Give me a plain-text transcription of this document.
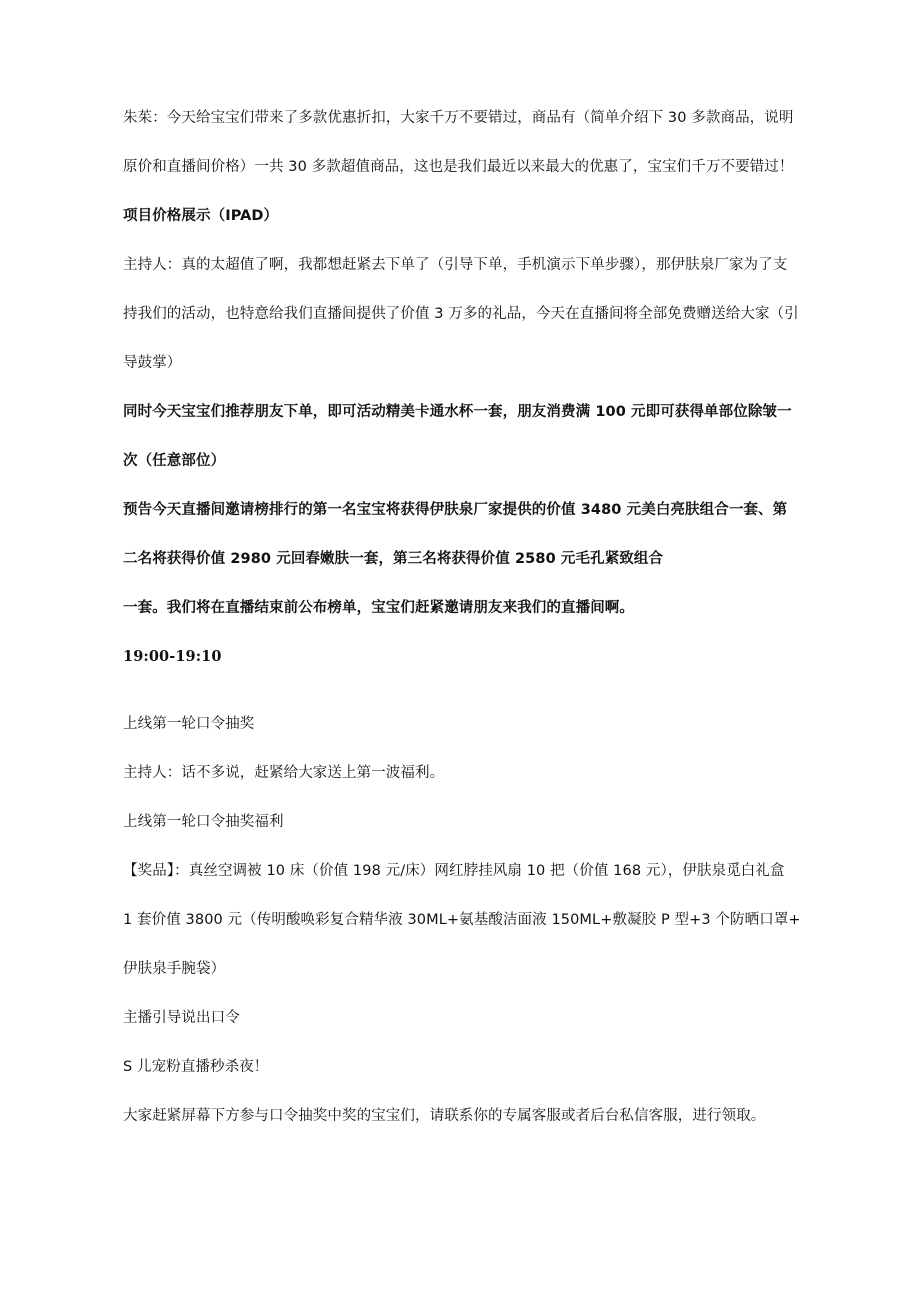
朱茱：今天给宝宝们带来了多款优惠折扣，大家千万不要错过，商品有（简单介绍下 30 多款商品，说明
原价和直播间价格）一共 30 多款超值商品，这也是我们最近以来最大的优惠了，宝宝们千万不要错过！
项目价格展示（IPAD）
主持人：真的太超值了啊，我都想赶紧去下单了（引导下单，手机演示下单步骤），那伊肤泉厂家为了支
持我们的活动，也特意给我们直播间提供了价值 3 万多的礼品，今天在直播间将全部免费赠送给大家（引
导鼓掌）
同时今天宝宝们推荐朋友下单，即可活动精美卡通水杯一套，朋友消费满 100 元即可获得单部位除皱一
次（任意部位）
预告今天直播间邀请榜排行的第一名宝宝将获得伊肤泉厂家提供的价值 3480 元美白亮肤组合一套、第
二名将获得价值 2980 元回春嫩肤一套，第三名将获得价值 2580 元毛孔紧致组合
一套。我们将在直播结束前公布榜单，宝宝们赶紧邀请朋友来我们的直播间啊。
19:00-19:10
上线第一轮口令抽奖
主持人：话不多说，赶紧给大家送上第一波福利。
上线第一轮口令抽奖福利
【奖品】：真丝空调被 10 床（价值 198 元/床）网红脖挂风扇 10 把（价值 168 元），伊肤泉觅白礼盒
1 套价值 3800 元（传明酸唤彩复合精华液 30ML+氨基酸洁面液 150ML+敷凝胶 P 型+3 个防晒口罩+
伊肤泉手腕袋）
主播引导说出口令
S 儿宠粉直播秒杀夜！
大家赶紧屏幕下方参与口令抽奖中奖的宝宝们，请联系你的专属客服或者后台私信客服，进行领取。
